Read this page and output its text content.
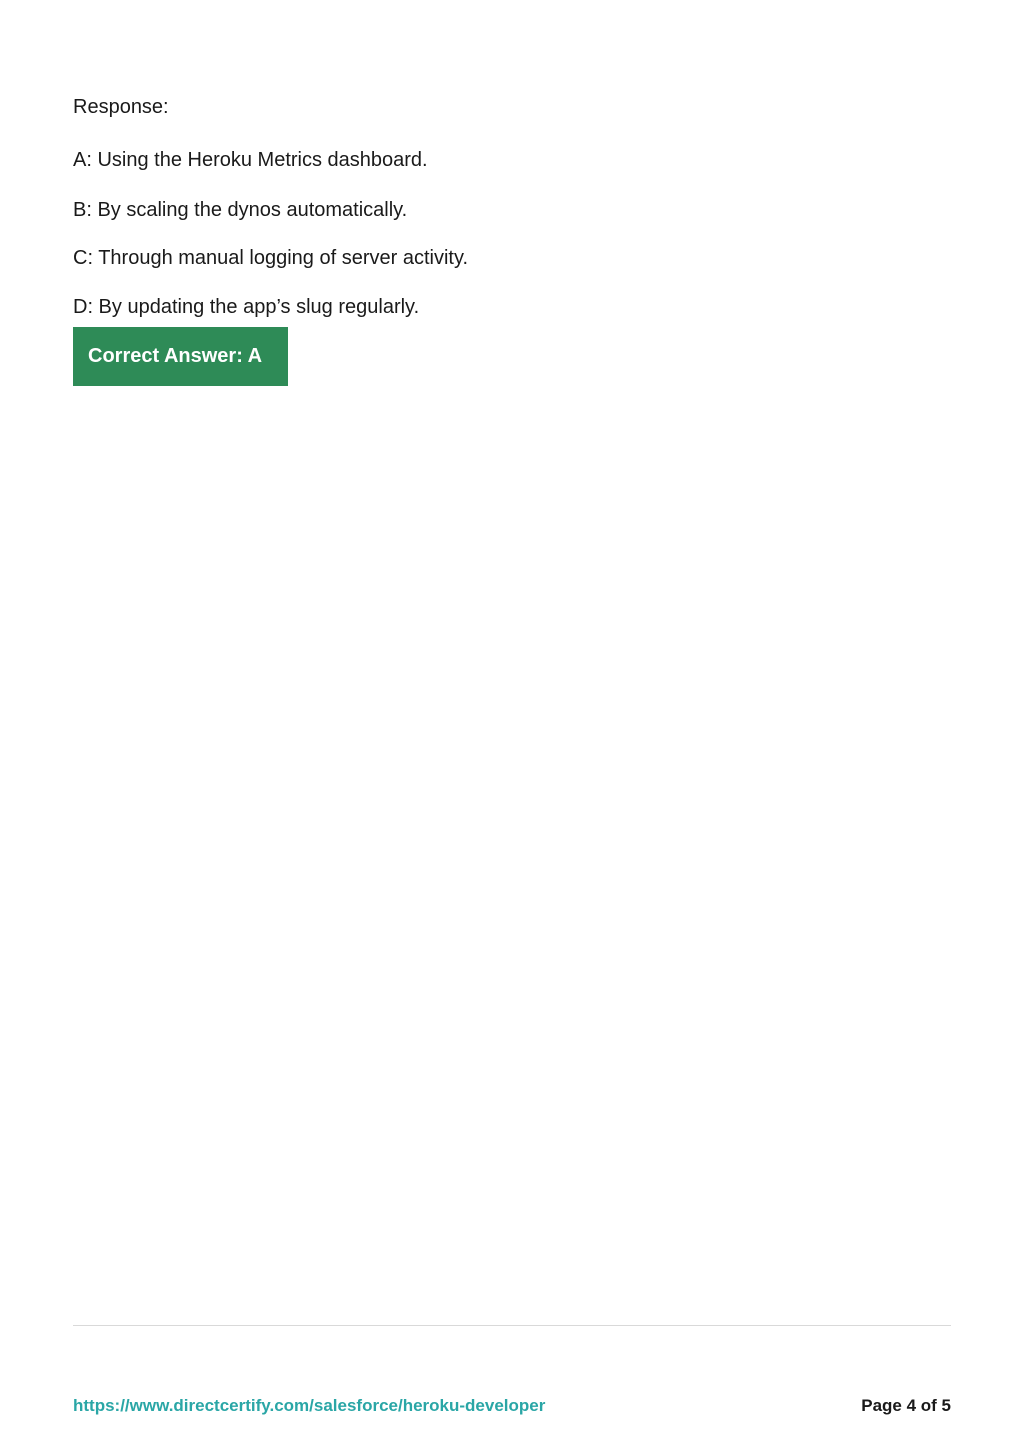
Response:
A: Using the Heroku Metrics dashboard.
B: By scaling the dynos automatically.
C: Through manual logging of server activity.
D: By updating the app’s slug regularly.
Correct Answer: A
https://www.directcertify.com/salesforce/heroku-developer	Page 4 of 5
